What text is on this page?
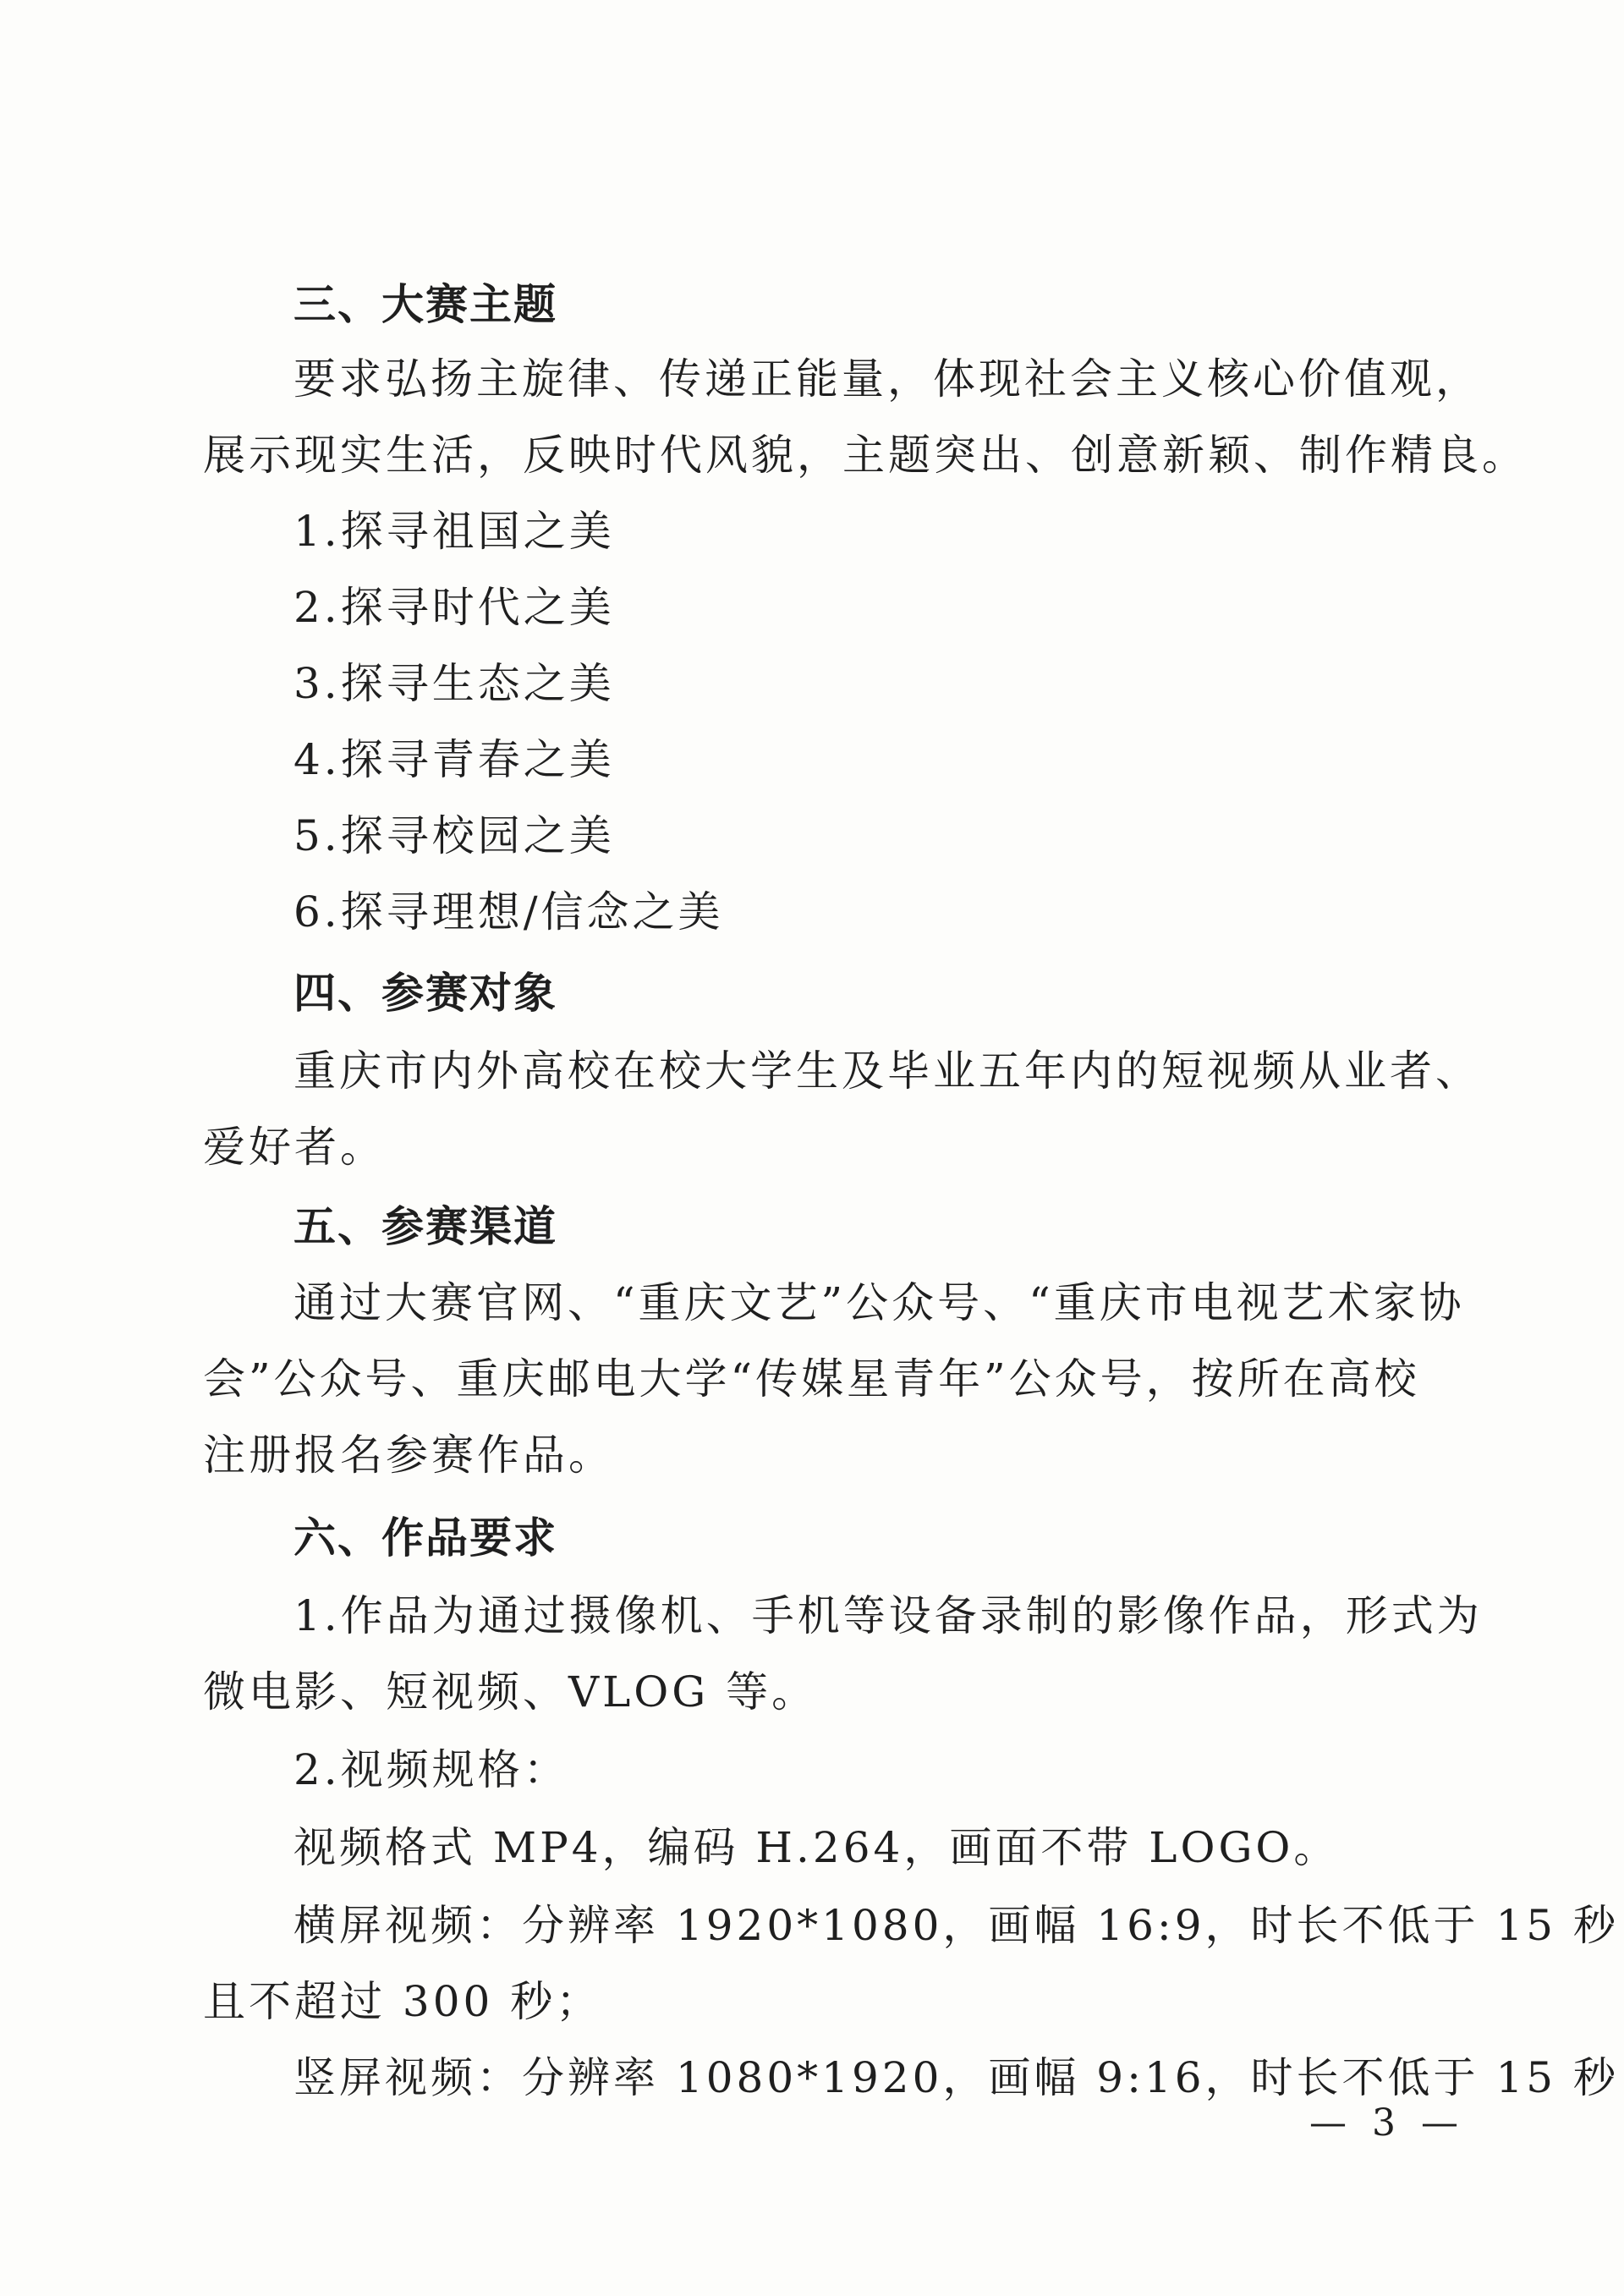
三、大赛主题
要求弘扬主旋律、传递正能量，体现社会主义核心价值观，
展示现实生活，反映时代风貌，主题突出、创意新颖、制作精良。
1.探寻祖国之美
2.探寻时代之美
3.探寻生态之美
4.探寻青春之美
5.探寻校园之美
6.探寻理想/信念之美
四、参赛对象
重庆市内外高校在校大学生及毕业五年内的短视频从业者、
爱好者。
五、参赛渠道
通过大赛官网、“重庆文艺”公众号、“重庆市电视艺术家协
会”公众号、重庆邮电大学“传媒星青年”公众号，按所在高校
注册报名参赛作品。
六、作品要求
1.作品为通过摄像机、手机等设备录制的影像作品，形式为
微电影、短视频、VLOG 等。
2.视频规格：
视频格式 MP4，编码 H.264，画面不带 LOGO。
横屏视频：分辨率 1920*1080，画幅 16:9，时长不低于 15 秒
且不超过 300 秒；
竖屏视频：分辨率 1080*1920，画幅 9:16，时长不低于 15 秒
— 3 —
